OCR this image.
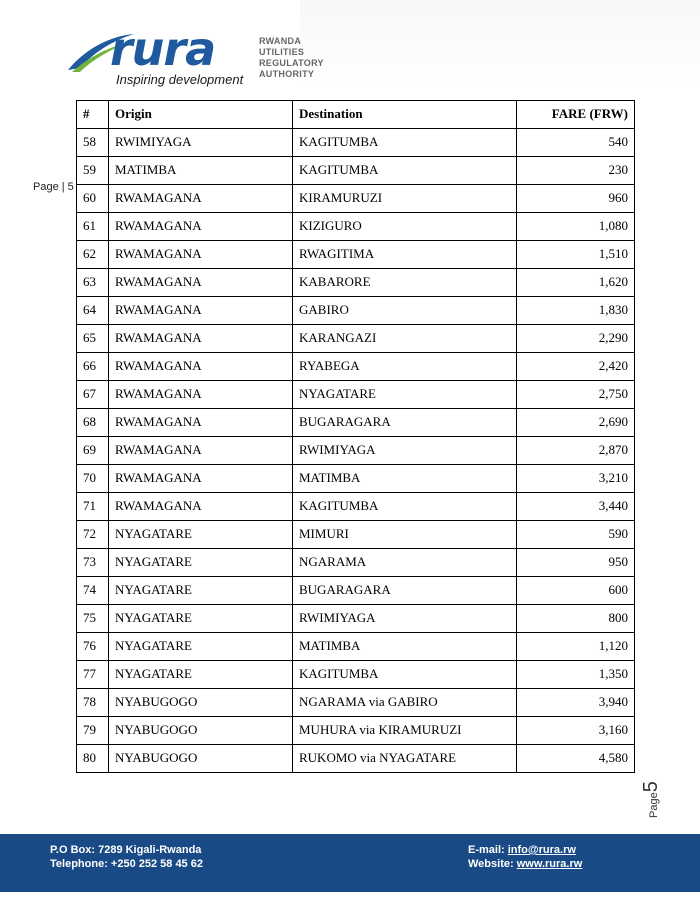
rura
Inspiring development
RWANDA
UTILITIES
REGULATORY
AUTHORITY
Page | 5
Page5
#	Origin	Destination	FARE (FRW)
58	RWIMIYAGA	KAGITUMBA	540
59	MATIMBA	KAGITUMBA	230
60	RWAMAGANA	KIRAMURUZI	960
61	RWAMAGANA	KIZIGURO	1,080
62	RWAMAGANA	RWAGITIMA	1,510
63	RWAMAGANA	KABARORE	1,620
64	RWAMAGANA	GABIRO	1,830
65	RWAMAGANA	KARANGAZI	2,290
66	RWAMAGANA	RYABEGA	2,420
67	RWAMAGANA	NYAGATARE	2,750
68	RWAMAGANA	BUGARAGARA	2,690
69	RWAMAGANA	RWIMIYAGA	2,870
70	RWAMAGANA	MATIMBA	3,210
71	RWAMAGANA	KAGITUMBA	3,440
72	NYAGATARE	MIMURI	590
73	NYAGATARE	NGARAMA	950
74	NYAGATARE	BUGARAGARA	600
75	NYAGATARE	RWIMIYAGA	800
76	NYAGATARE	MATIMBA	1,120
77	NYAGATARE	KAGITUMBA	1,350
78	NYABUGOGO	NGARAMA via GABIRO	3,940
79	NYABUGOGO	MUHURA via KIRAMURUZI	3,160
80	NYABUGOGO	RUKOMO via NYAGATARE	4,580
P.O Box: 7289 Kigali-Rwanda
Telephone: +250 252 58 45 62
E-mail: info@rura.rw
Website: www.rura.rw
